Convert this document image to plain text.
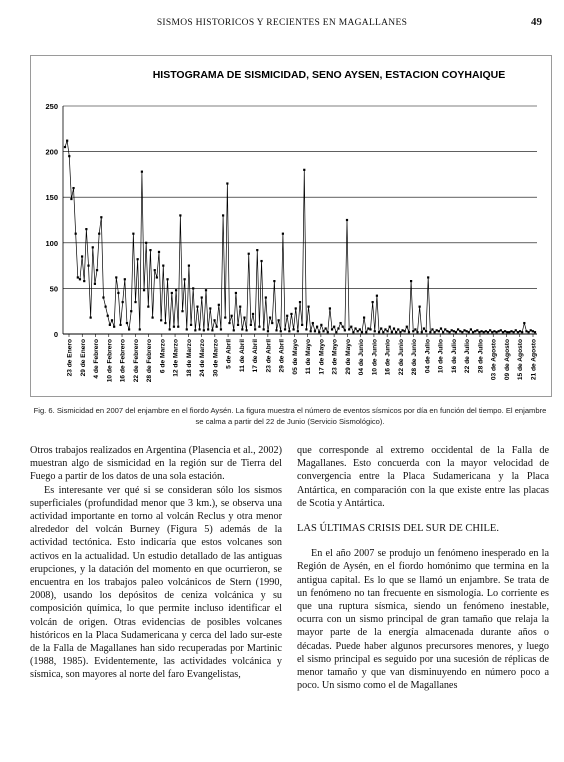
SISMOS HISTORICOS Y RECIENTES EN MAGALLANES	49
HISTOGRAMA DE SISMICIDAD, SENO AYSEN, ESTACION COYHAIQUE
0
50
100
150
200
250
23 de Enero 29 de Enero 4 de Febrero 10 de Febrero 16 de Febrero 22 de Febrero 28 de Febrero 6 de Marzo 12 de Marzo 18 de Marzo 24 de Marzo 30 de Marzo 5 de Abril 11 de Abril 17 de Abril 23 de Abril 29 de Abril 05 de Mayo 11 de Mayo 17 de Mayo 23 de Mayo 29 de Mayo 04 de Junio 10 de Junio 16 de Junio 22 de Junio 28 de Junio 04 de Julio 10 de Julio 16 de Julio 22 de Julio 28 de Julio 03 de Agosto 09 de Agosto 15 de Agosto 21 de Agosto
Fig. 6. Sismicidad en 2007 del enjambre en el fiordo Aysén. La figura muestra el número de eventos sísmicos por día en función del tiempo. El enjambre se calma a partir del 22 de Junio (Servicio Sismológico).

Otros trabajos realizados en Argentina (Plasencia et al., 2002) muestran algo de sismicidad en la región sur de Tierra del Fuego a partir de los datos de una sola estación.

Es interesante ver qué si se consideran sólo los sismos superficiales (profundidad menor que 3 km.), se observa una actividad importante en torno al volcán Reclus y otra menor alrededor del volcán Burney (Figura 5) además de la actividad tectónica. Esto indicaría que estos volcanes son activos en la actualidad. Un estudio detallado de las antiguas erupciones, y la datación del momento en que ocurrieron, se encuentra en los trabajos paleo volcánicos de Stern (1990, 2008), usando los depósitos de ceniza volcánica y su composición química, lo que permite incluso identificar el volcán de origen. Otras evidencias de posibles volcanes históricos en la Placa Sudamericana y cerca del lado sur-este de la Falla de Magallanes han sido recuperadas por Martinic (1988, 1985). Evidentemente, las actividades volcánica y sísmica, son mayores al norte del faro Evangelistas,

que corresponde al extremo occidental de la Falla de Magallanes. Esto concuerda con la mayor velocidad de convergencia entre la Placa Sudamericana y la Placa Antártica, en comparación con la que existe entre las placas de Scotia y Antártica.

LAS ÚLTIMAS CRISIS DEL SUR DE CHILE.

En el año 2007 se produjo un fenómeno inesperado en la Región de Aysén, en el fiordo homónimo que termina en la antigua capital. Es lo que se llamó un enjambre. Se trata de un fenómeno no tan frecuente en sismología. Lo corriente es que una ruptura sísmica, siendo un fenómeno inestable, ocurra con un sismo principal de gran tamaño que relaja la mayor parte de la energía almacenada durante años o décadas. Puede haber algunos precursores menores, y luego el sismo principal es seguido por una sucesión de réplicas de menor tamaño y que van disminuyendo en número poco a poco. Un sismo como el de Magallanes
